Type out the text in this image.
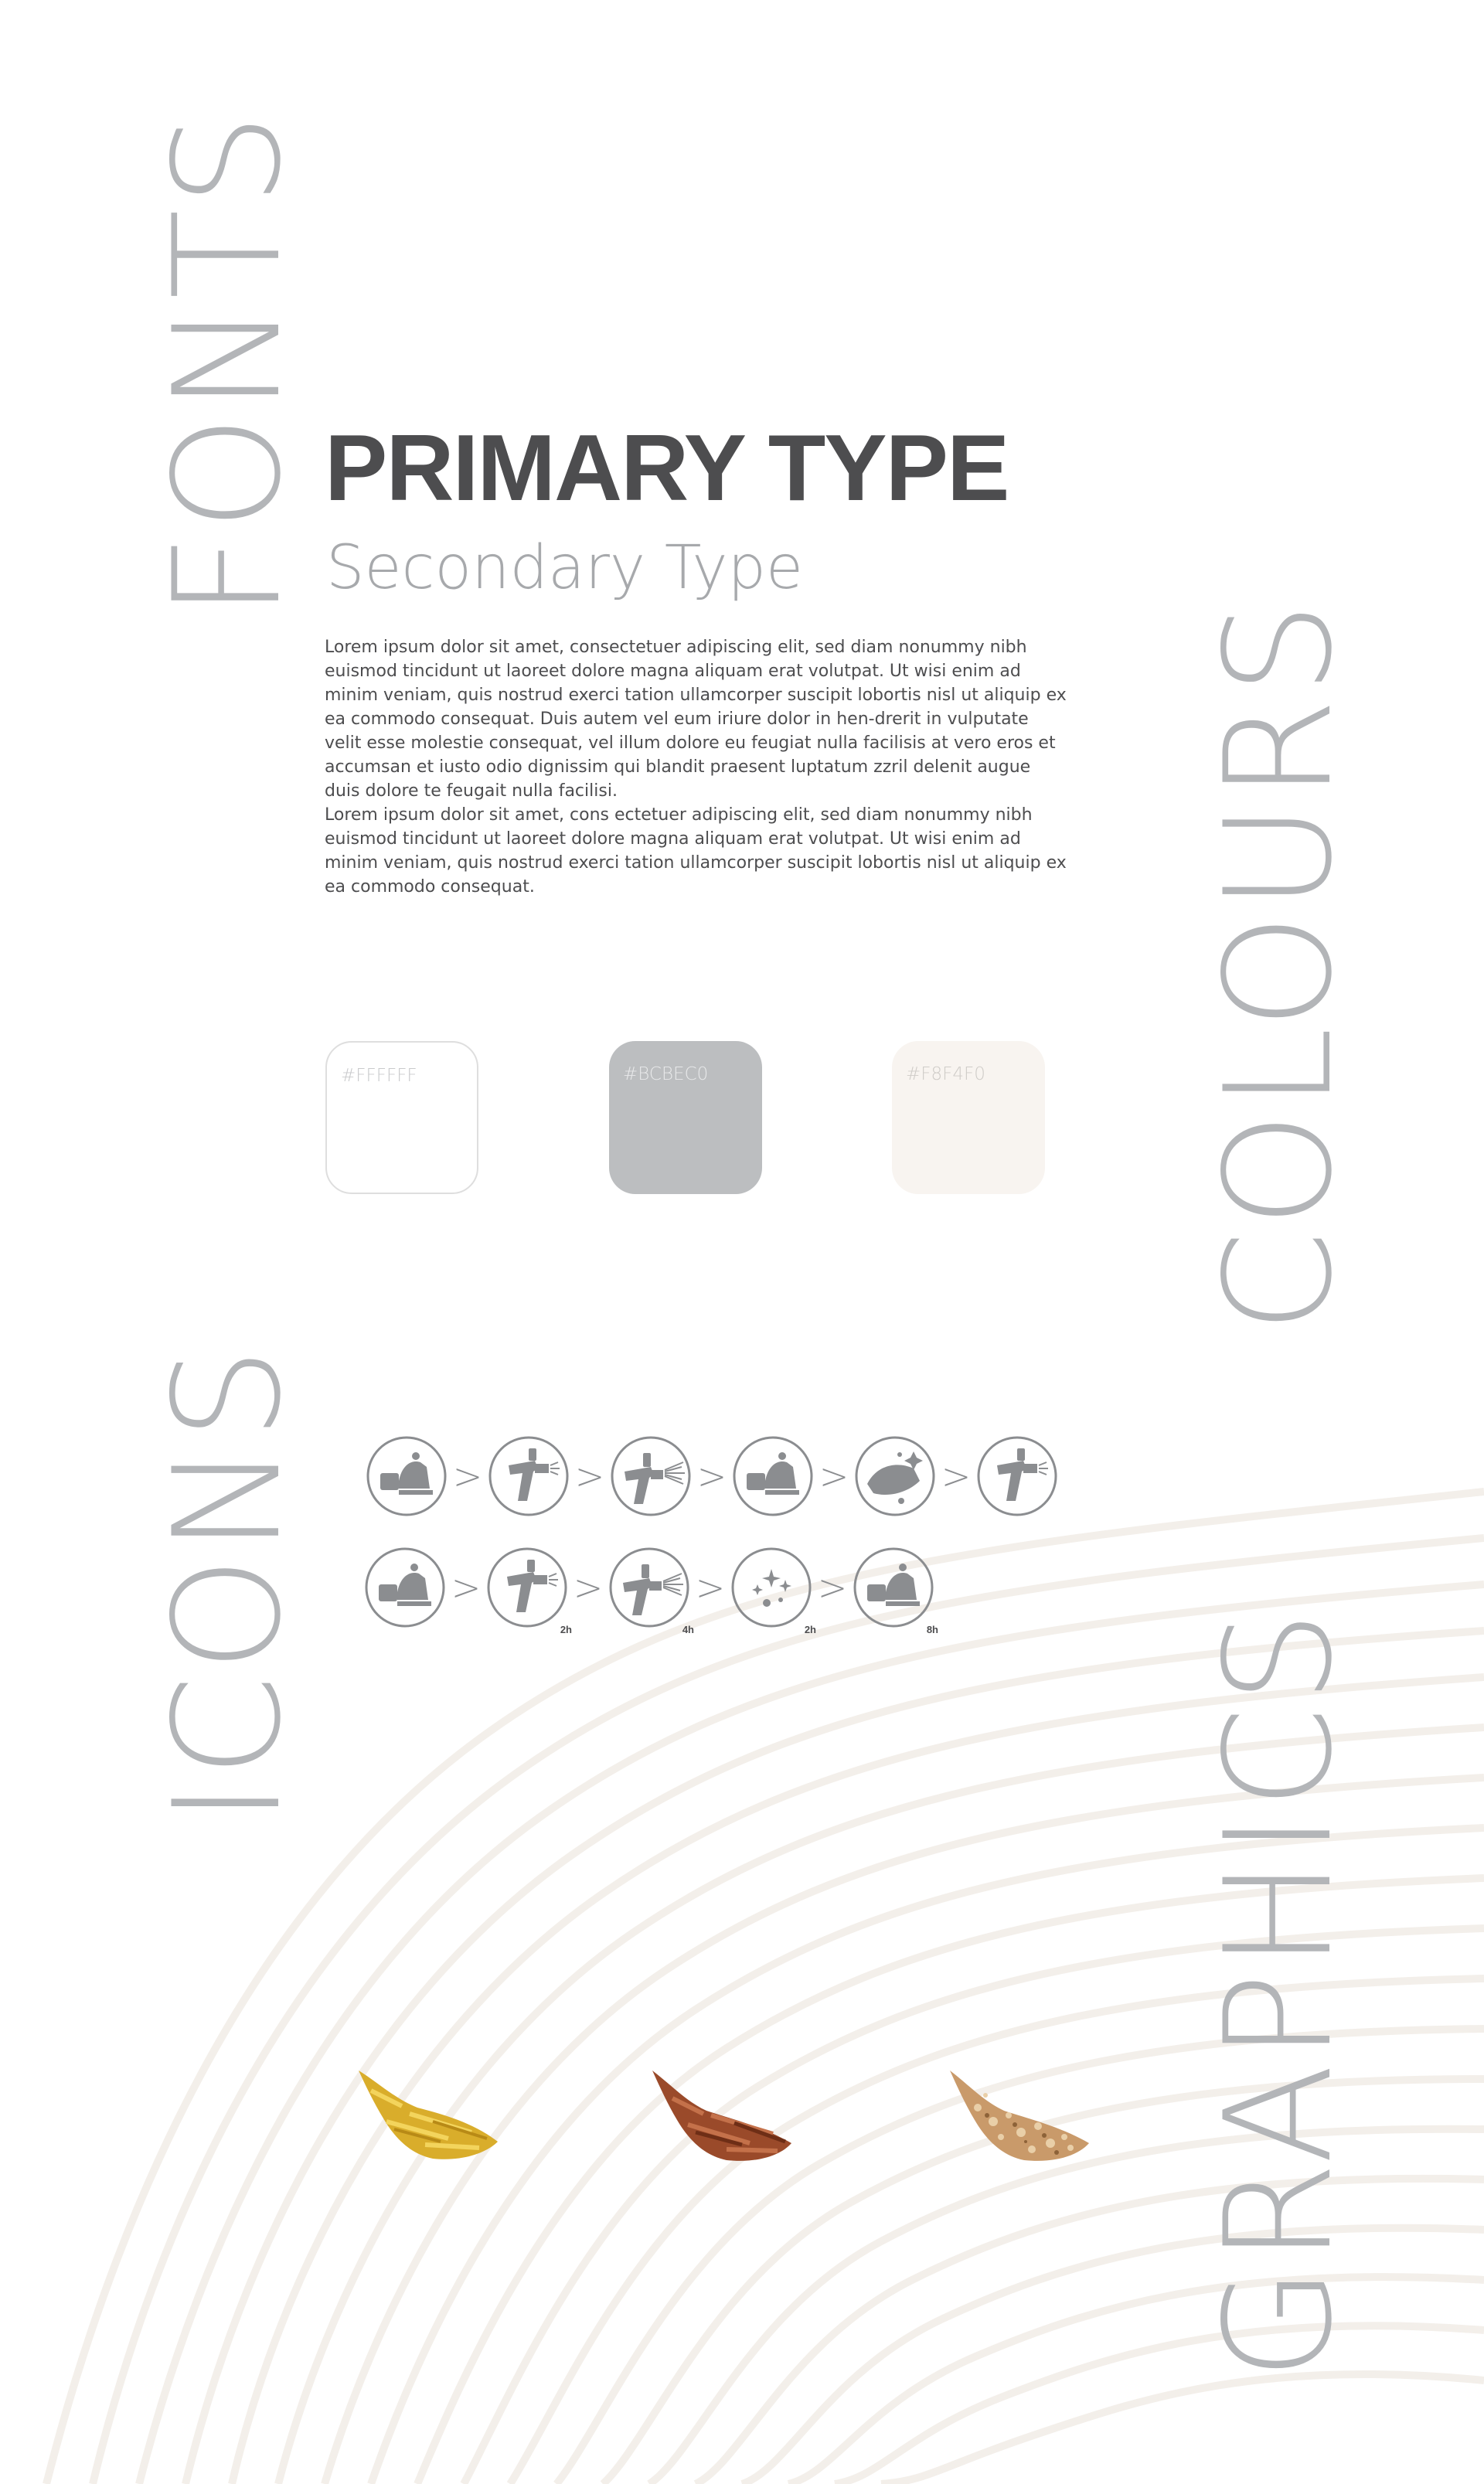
FONTS
COLOURS
ICONS
GRAPHICS
PRIMARY TYPE
Secondary Type

Lorem ipsum dolor sit amet, consectetuer adipiscing elit, sed diam nonummy nibh euismod tincidunt ut laoreet dolore magna aliquam erat volutpat. Ut wisi enim ad minim veniam, quis nostrud exerci tation ullamcorper suscipit lobortis nisl ut aliquip ex ea commodo consequat. Duis autem vel eum iriure dolor in hen-drerit in vulputate velit esse molestie consequat, vel illum dolore eu feugiat nulla facilisis at vero eros et accumsan et iusto odio dignissim qui blandit praesent luptatum zzril delenit augue duis dolore te feugait nulla facilisi.

Lorem ipsum dolor sit amet, cons ectetuer adipiscing elit, sed diam nonummy nibh euismod tincidunt ut laoreet dolore magna aliquam erat volutpat. Ut wisi enim ad minim veniam, quis nostrud exerci tation ullamcorper suscipit lobortis nisl ut aliquip ex ea commodo consequat.

#FFFFFF	#BCBEC0	#F8F4F0
>	>	>	>	>
>
2h
>
4h
>
2h
>
8h
